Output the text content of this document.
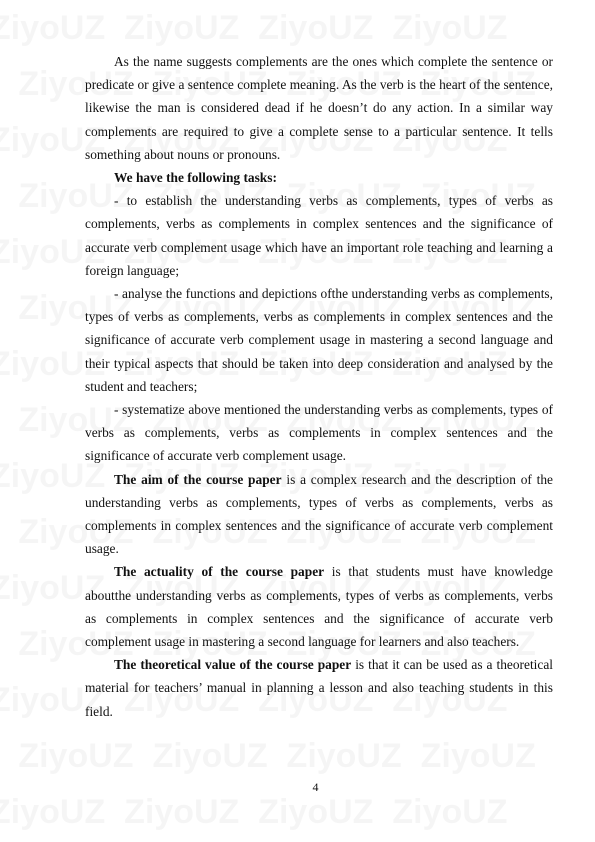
As the name suggests complements are the ones which complete the sentence or predicate or give a sentence complete meaning. As the verb is the heart of the sentence, likewise the man is considered dead if he doesn’t do any action. In a similar way complements are required to give a complete sense to a particular sentence. It tells something about nouns or pronouns.

We have the following tasks:

- to establish the understanding verbs as complements, types of verbs as complements, verbs as complements in complex sentences and the significance of accurate verb complement usage which have an important role teaching and learning a foreign language;

- analyse the functions and depictions ofthe understanding verbs as complements, types of verbs as complements, verbs as complements in complex sentences and the significance of accurate verb complement usage in mastering a second language and their typical aspects that should be taken into deep consideration and analysed by the student and teachers;

- systematize above mentioned the understanding verbs as complements, types of verbs as complements, verbs as complements in complex sentences and the significance of accurate verb complement usage.

The aim of the course paper is a complex research and the description of the understanding verbs as complements, types of verbs as complements, verbs as complements in complex sentences and the significance of accurate verb complement usage.

The actuality of the course paper is that students must have knowledge aboutthe understanding verbs as complements, types of verbs as complements, verbs as complements in complex sentences and the significance of accurate verb complement usage in mastering a second language for learners and also teachers.

The theoretical value of the course paper is that it can be used as a theoretical material for teachers’ manual in planning a lesson and also teaching students in this field.

4
